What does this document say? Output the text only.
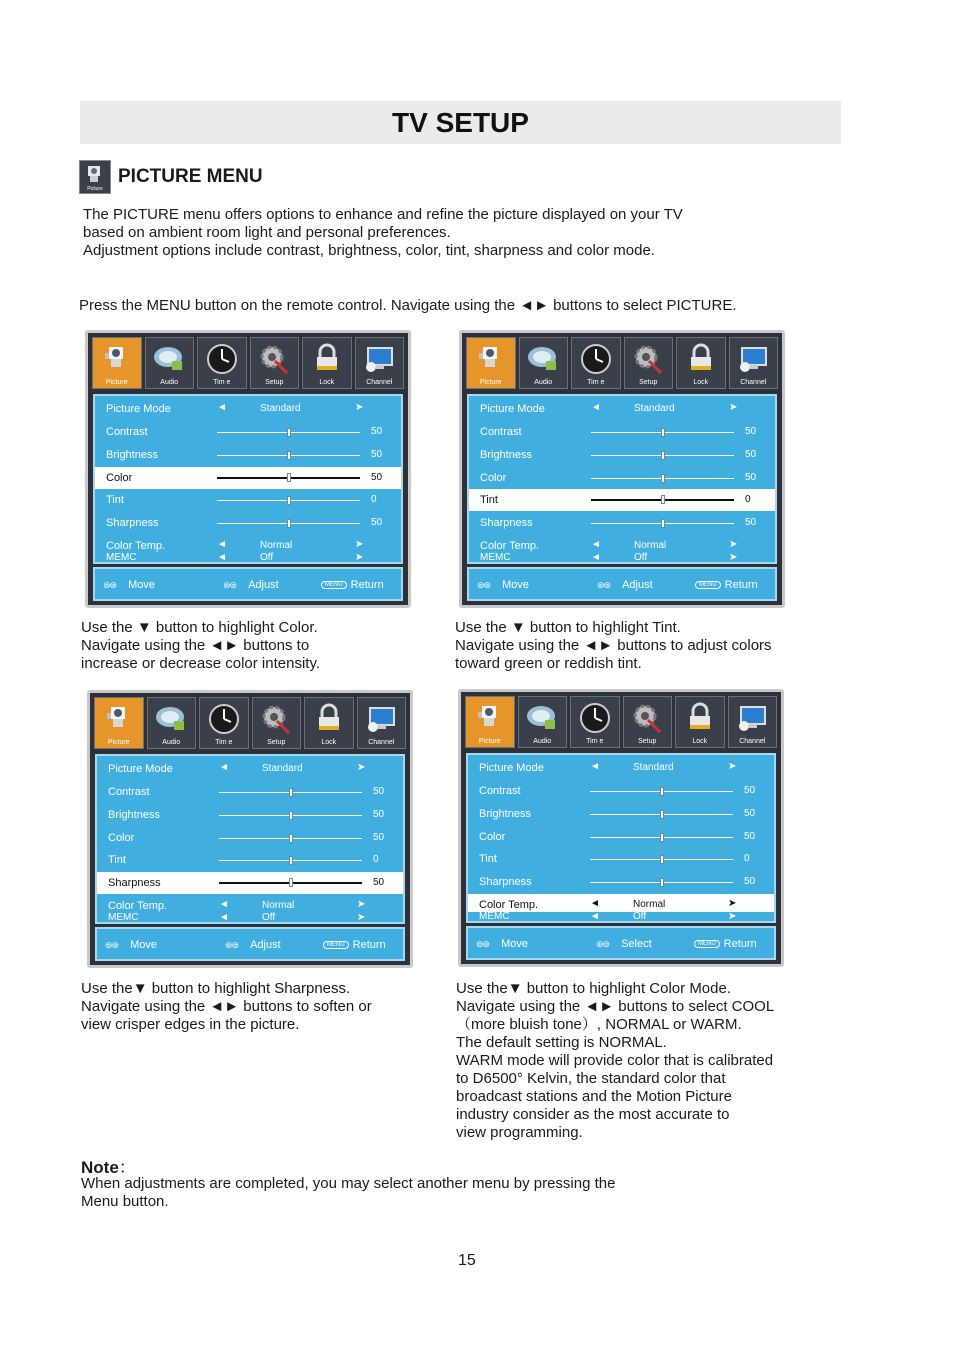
TV SETUP
Picture
PICTURE MENU

The PICTURE menu offers options to enhance and refine the picture displayed on your TV

based on ambient room light and personal preferences.

Adjustment options include contrast, brightness, color, tint, sharpness and color mode.

Press the MENU button on the remote control. Navigate using the ◄► buttons to select PICTURE.
Picture	Audio	Tim e	Setup	Lock	Channel
Picture Mode	◄	Standard	➤
Contrast	50
Brightness	50
Color	50
Tint	0
Sharpness	50
Color Temp.	◄	Normal	➤
MEMC	◄	Off	➤
⊜⊛ Move	⊛⊜ Adjust	MENU Return
Picture	Audio	Tim e	Setup	Lock	Channel
Picture Mode	◄	Standard	➤
Contrast	50
Brightness	50
Color	50
Tint	0
Sharpness	50
Color Temp.	◄	Normal	➤
MEMC	◄	Off	➤
⊜⊛ Move	⊛⊜ Adjust	MENU Return
Picture	Audio	Tim e	Setup	Lock	Channel
Picture Mode	◄	Standard	➤
Contrast	50
Brightness	50
Color	50
Tint	0
Sharpness	50
Color Temp.	◄	Normal	➤
MEMC	◄	Off	➤
⊜⊛ Move	⊛⊜ Adjust	MENU Return
Picture	Audio	Tim e	Setup	Lock	Channel
Picture Mode	◄	Standard	➤
Contrast	50
Brightness	50
Color	50
Tint	0
Sharpness	50
Color Temp.	◄	Normal	➤
MEMC	◄	Off	➤
⊜⊛ Move	⊛⊜ Select	MENU Return

Use the ▼ button to highlight Color.

Navigate using the ◄► buttons to

increase or decrease color intensity.

Use the ▼ button to highlight Tint.

Navigate using the ◄► buttons to adjust colors

toward green or reddish tint.

Use the▼ button to highlight Sharpness.

Navigate using the ◄► buttons to soften or

view crisper edges in the picture.

Use the▼ button to highlight Color Mode.

Navigate using the ◄► buttons to select COOL

（more bluish tone）, NORMAL or WARM.

The default setting is NORMAL.

WARM mode will provide color that is calibrated

to D6500° Kelvin, the standard color that

broadcast stations and the Motion Picture

industry consider as the most accurate to

view programming.

Note：
When adjustments are completed, you may select another menu by pressing the Menu button.
15
